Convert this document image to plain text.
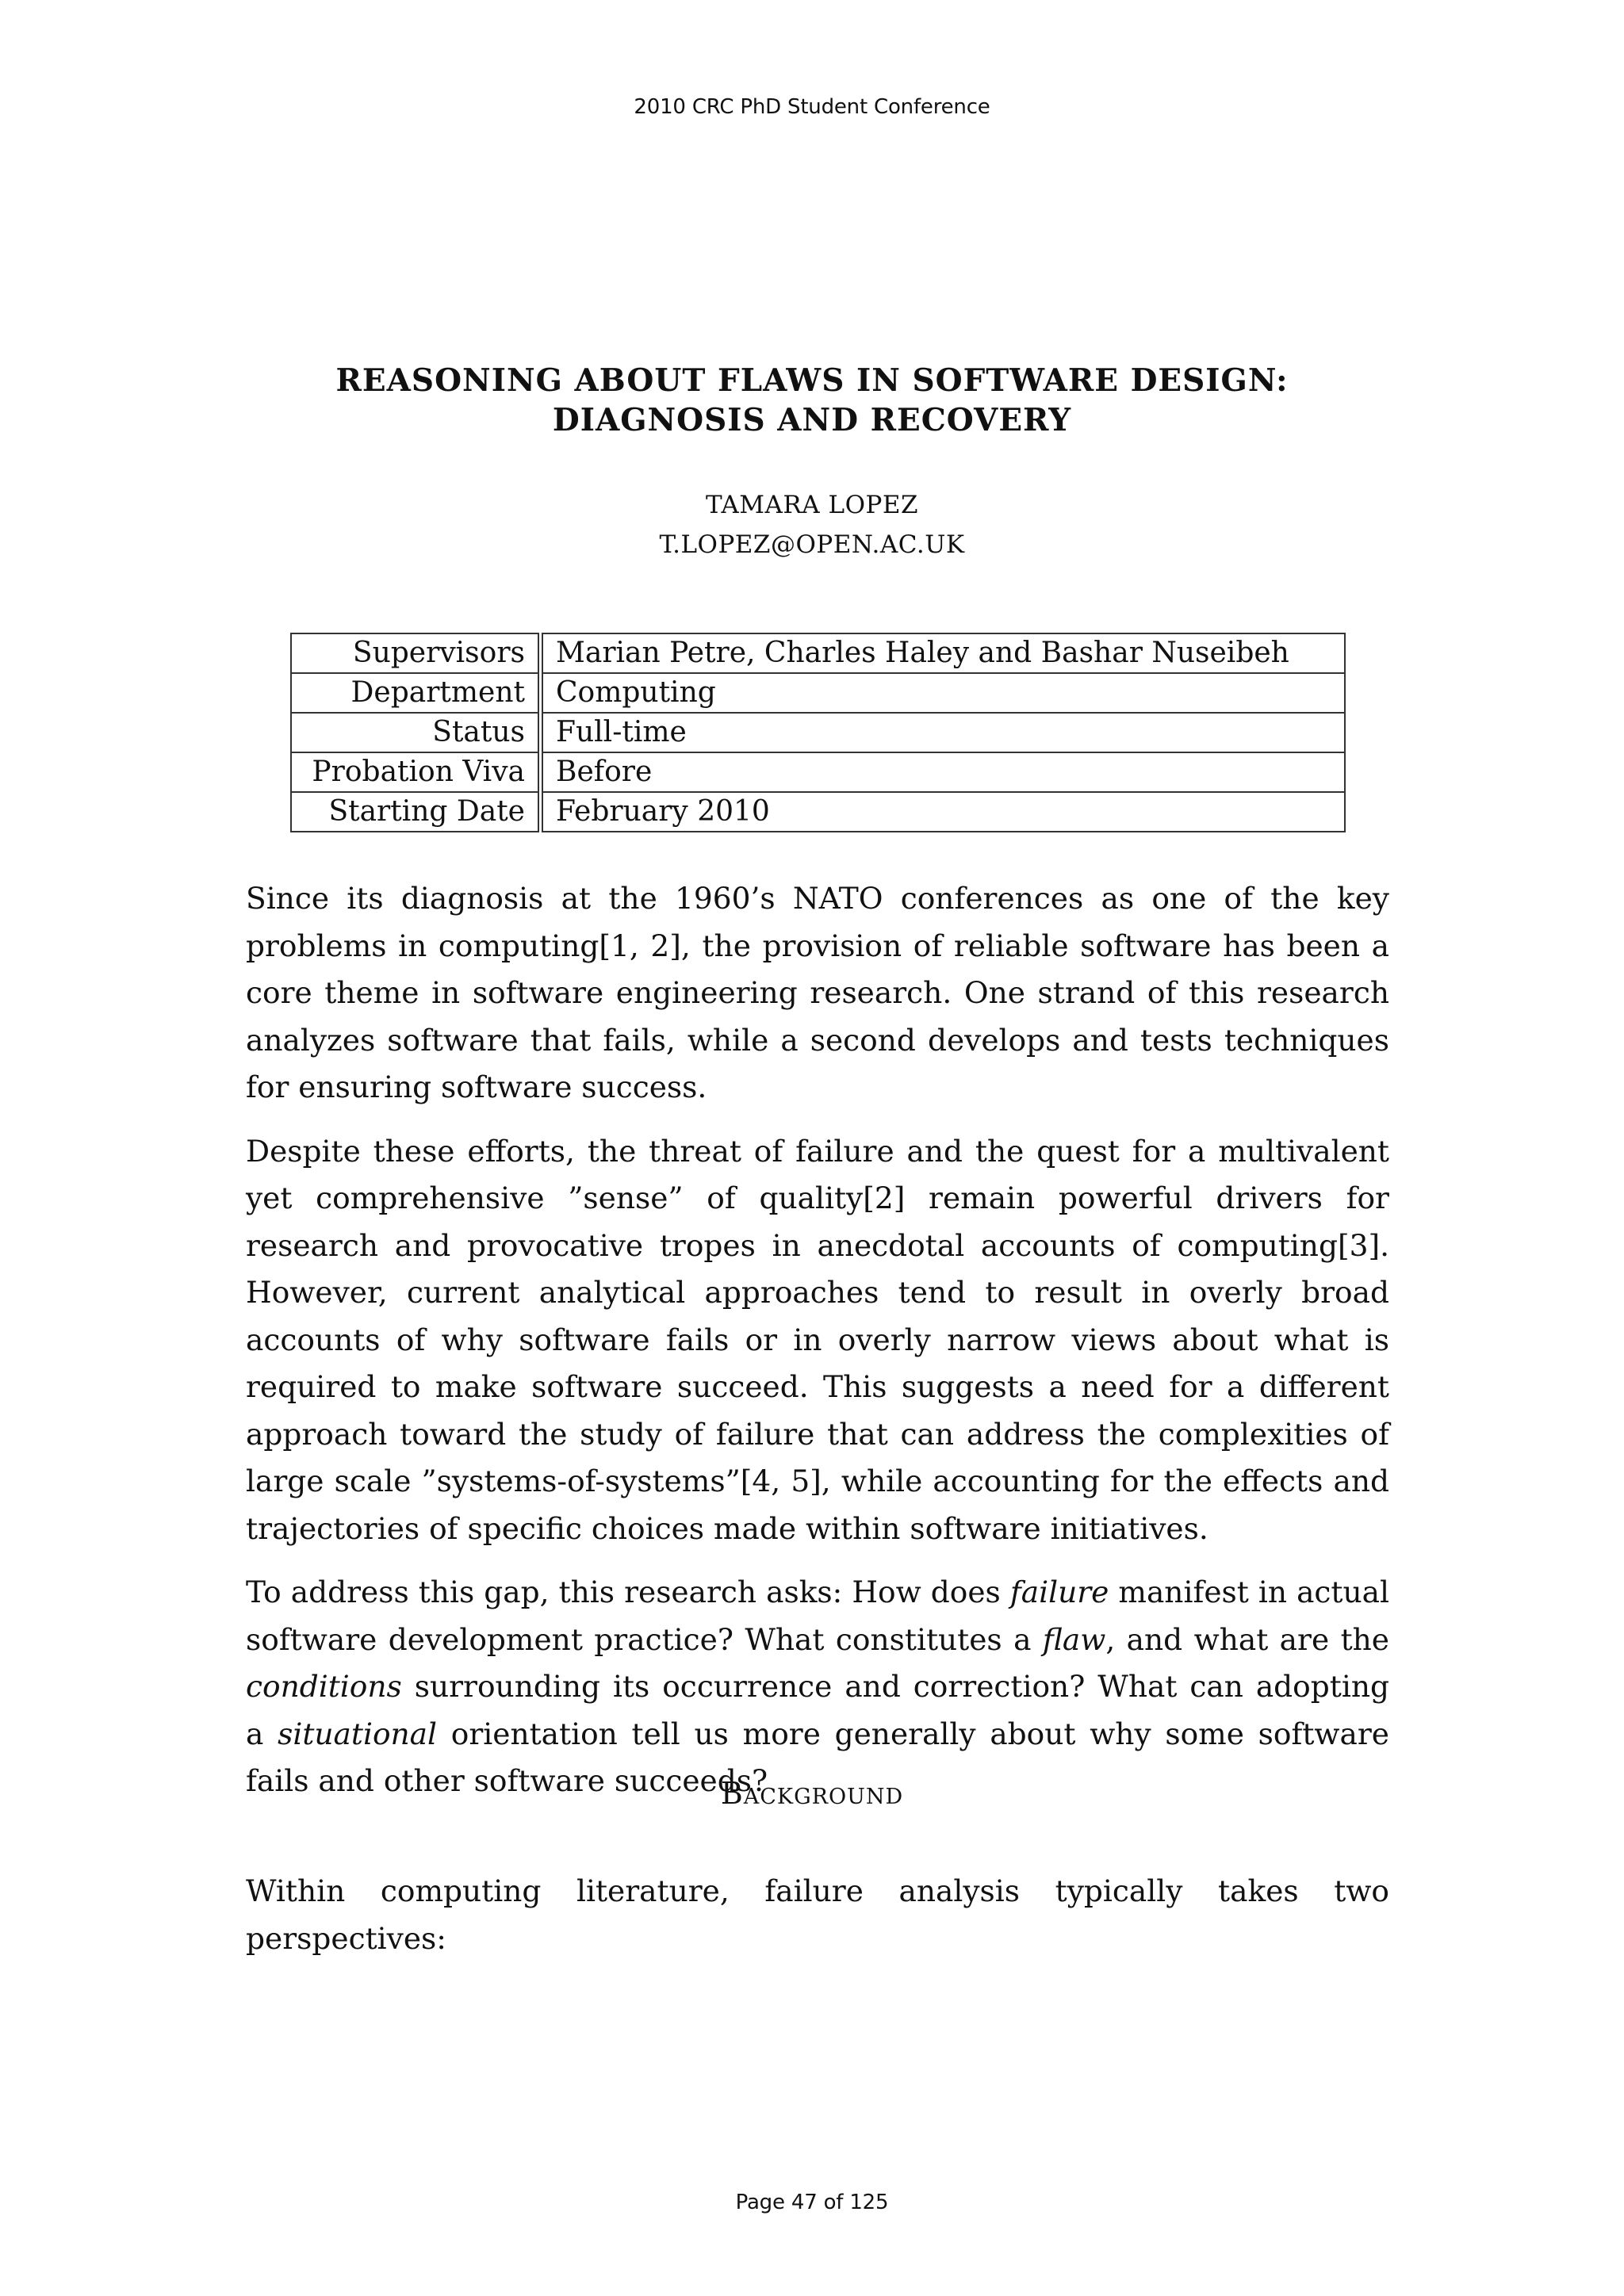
2010 CRC PhD Student Conference
REASONING ABOUT FLAWS IN SOFTWARE DESIGN:
DIAGNOSIS AND RECOVERY
TAMARA LOPEZ
T.LOPEZ@OPEN.AC.UK
Supervisors	Marian Petre, Charles Haley and Bashar Nuseibeh
Department	Computing
Status	Full-time
Probation Viva	Before
Starting Date	February 2010

Since its diagnosis at the 1960’s NATO conferences as one of the key problems in computing[1, 2], the provision of reliable software has been a core theme in software engineering research. One strand of this research analyzes software that fails, while a second develops and tests techniques for ensuring software success.

Despite these efforts, the threat of failure and the quest for a multivalent yet comprehensive ”sense” of quality[2] remain powerful drivers for research and provocative tropes in anecdotal accounts of computing[3]. However, current analytical approaches tend to result in overly broad accounts of why software fails or in overly narrow views about what is required to make software succeed. This suggests a need for a different approach toward the study of failure that can address the complexities of large scale ”systems-of-systems”[4, 5], while accounting for the effects and trajectories of specific choices made within software initiatives.

To address this gap, this research asks: How does failure manifest in actual software development practice? What constitutes a flaw, and what are the conditions surrounding its occurrence and correction? What can adopting a situational orientation tell us more generally about why some software fails and other software succeeds?

Background

Within computing literature, failure analysis typically takes two perspectives:

Page 47 of 125
